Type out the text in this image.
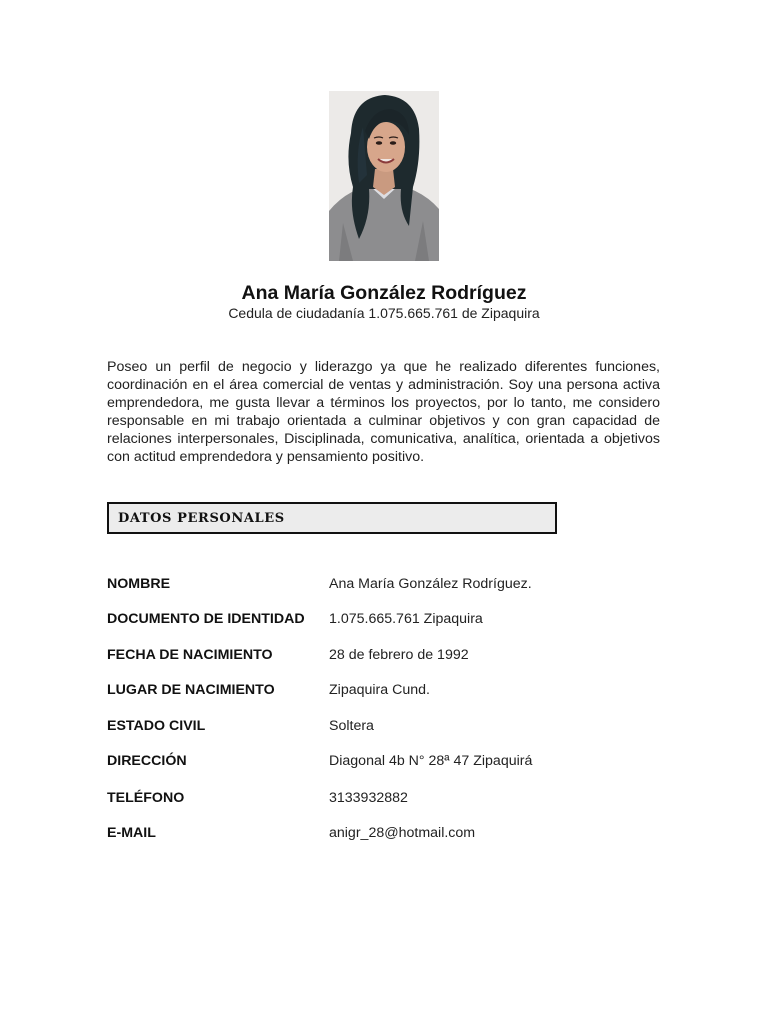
Ana María González Rodríguez
Cedula de ciudadanía 1.075.665.761 de Zipaquira

Poseo un perfil de negocio y liderazgo ya que he realizado diferentes funciones, coordinación en el área comercial de ventas y administración. Soy una persona activa emprendedora, me gusta llevar a términos los proyectos, por lo tanto, me considero responsable en mi trabajo orientada a culminar objetivos y con gran capacidad de relaciones interpersonales, Disciplinada, comunicativa, analítica, orientada a objetivos con actitud emprendedora y pensamiento positivo.

DATOS PERSONALES
NOMBRE	Ana María González Rodríguez.
DOCUMENTO DE IDENTIDAD 1.075.665.761 Zipaquira
FECHA DE NACIMIENTO	28 de febrero de 1992
LUGAR DE NACIMIENTO	Zipaquira Cund.
ESTADO CIVIL	Soltera
DIRECCIÓN	Diagonal 4b N° 28ª 47 Zipaquirá
TELÉFONO	3133932882
E-MAIL	anigr_28@hotmail.com
